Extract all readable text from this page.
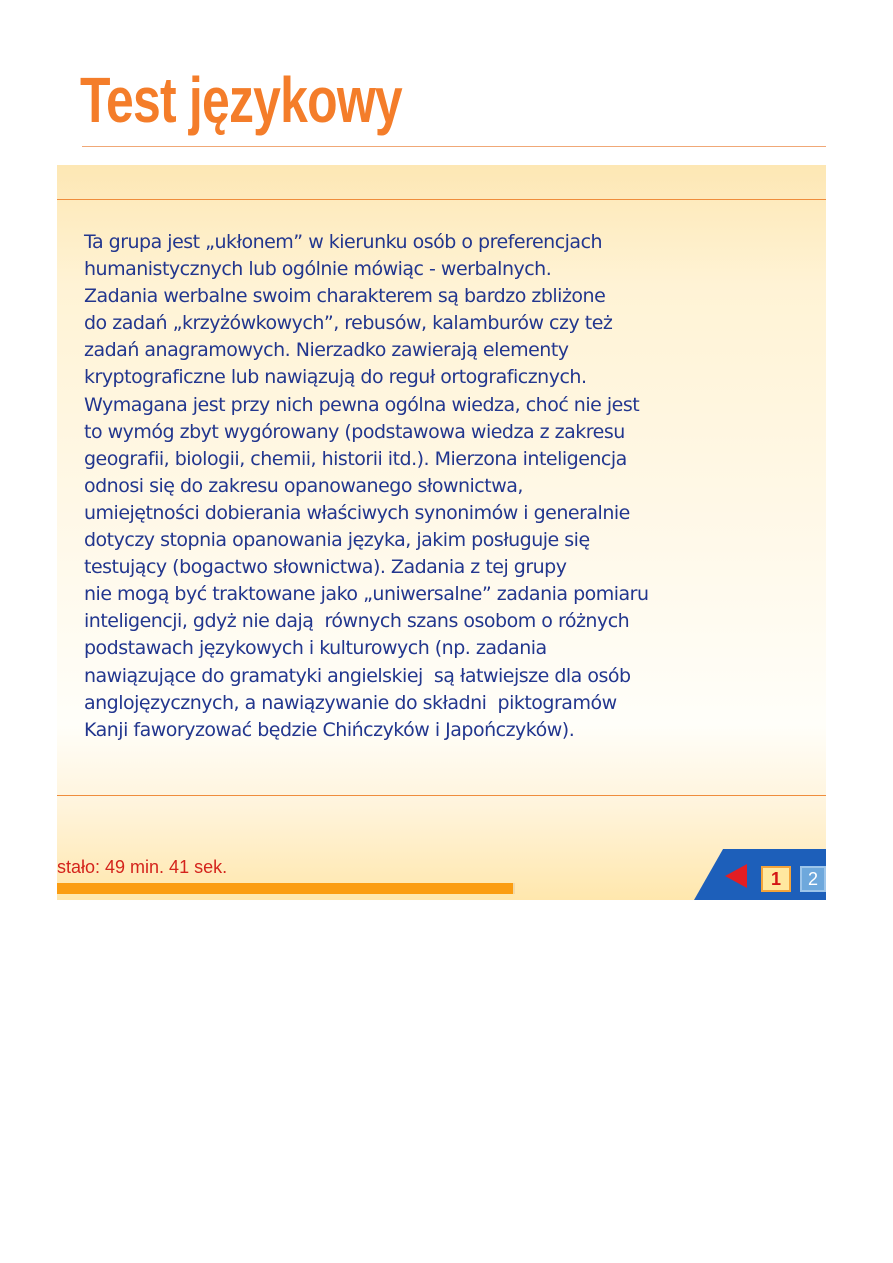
Test językowy

Ta grupa jest „ukłonem” w kierunku osób o preferencjach
humanistycznych lub ogólnie mówiąc - werbalnych.
Zadania werbalne swoim charakterem są bardzo zbliżone
do zadań „krzyżówkowych”, rebusów, kalamburów czy też
zadań anagramowych. Nierzadko zawierają elementy
kryptograficzne lub nawiązują do reguł ortograficznych.
Wymagana jest przy nich pewna ogólna wiedza, choć nie jest
to wymóg zbyt wygórowany (podstawowa wiedza z zakresu
geografii, biologii, chemii, historii itd.). Mierzona inteligencja
odnosi się do zakresu opanowanego słownictwa,
umiejętności dobierania właściwych synonimów i generalnie
dotyczy stopnia opanowania języka, jakim posługuje się
testujący (bogactwo słownictwa). Zadania z tej grupy
nie mogą być traktowane jako „uniwersalne” zadania pomiaru
inteligencji, gdyż nie dają  równych szans osobom o różnych
podstawach językowych i kulturowych (np. zadania
nawiązujące do gramatyki angielskiej  są łatwiejsze dla osób
anglojęzycznych, a nawiązywanie do składni  piktogramów
Kanji faworyzować będzie Chińczyków i Japończyków).

stało: 49 min. 41 sek.

1	2
